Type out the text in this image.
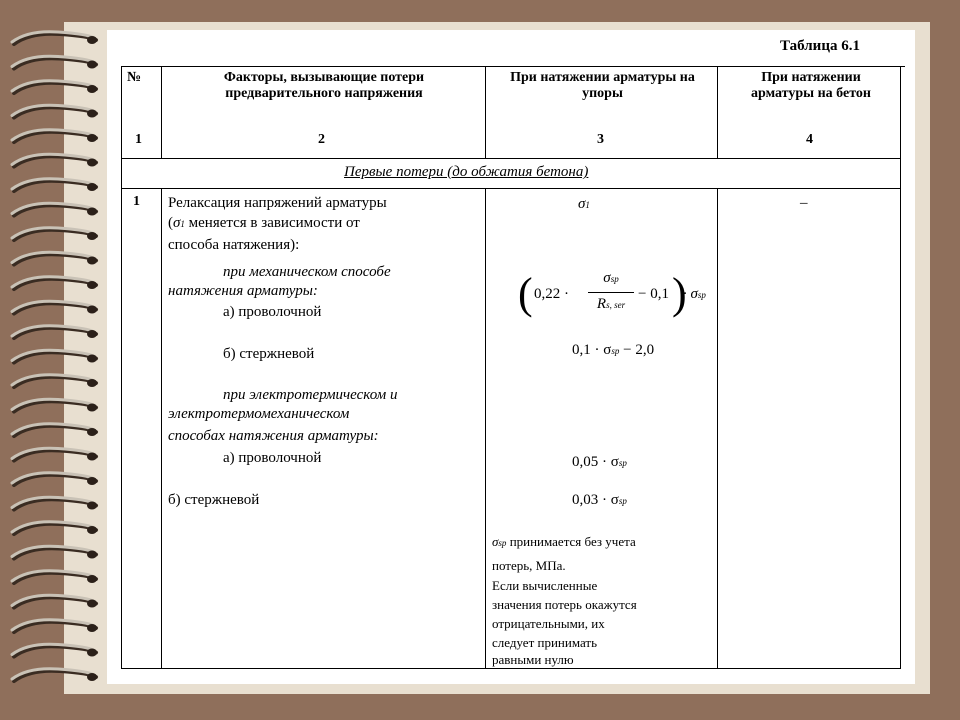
Таблица 6.1
№
1
Факторы, вызывающие потери предварительного напряжения
2
При натяжении арматуры на упоры
3
При натяжении арматуры на бетон
4
Первые потери (до обжатия бетона)
1 Релаксация напряжений арматуры
(σ1 меняется в зависимости от
способа натяжения):
при механическом способе
натяжения арматуры:
а) проволочной
б) стержневой
при электротермическом и
электротермомеханическом
способах натяжения арматуры:
а) проволочной
б) стержневой
σ1
( 0,22 ·
σsp
Rs, ser
− 0,1 )
· σsp
0,1 · σsp − 2,0
0,05 · σsp
0,03 · σsp
σsp принимается без учета
потерь, МПа.
Если вычисленные
значения потерь окажутся
отрицательными, их
следует принимать
равными нулю
–
